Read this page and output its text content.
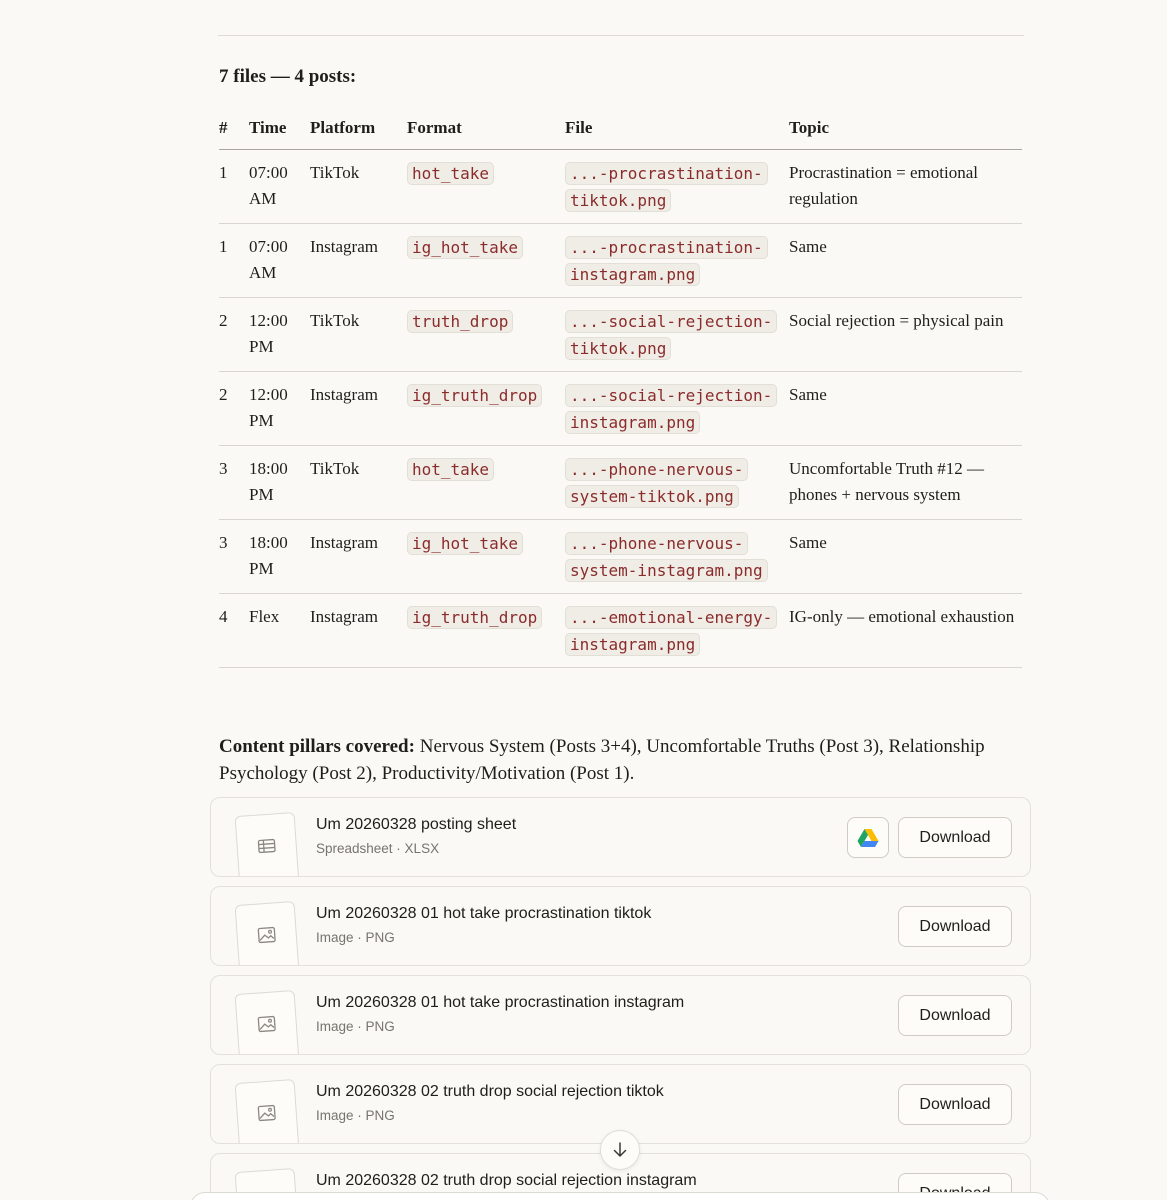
7 files — 4 posts:
#	Time	Platform	Format	File	Topic
1	07:00 AM	TikTok	hot_take	...-procrastination-tiktok.png	Procrastination = emotional regulation
1	07:00 AM	Instagram	ig_hot_take	...-procrastination-instagram.png	Same
2	12:00 PM	TikTok	truth_drop	...-social-rejection-tiktok.png	Social rejection = physical pain
2	12:00 PM	Instagram	ig_truth_drop	...-social-rejection-instagram.png	Same
3	18:00 PM	TikTok	hot_take	...-phone-nervous-system-tiktok.png	Uncomfortable Truth #12 — phones + nervous system
3	18:00 PM	Instagram	ig_hot_take	...-phone-nervous-system-instagram.png	Same
4	Flex	Instagram	ig_truth_drop	...-emotional-energy-instagram.png	IG-only — emotional exhaustion
Content pillars covered: Nervous System (Posts 3+4), Uncomfortable Truths (Post 3), Relationship Psychology (Post 2), Productivity/Motivation (Post 1).
Um 20260328 posting sheet
Spreadsheet · XLSX
Download
Um 20260328 01 hot take procrastination tiktok
Image · PNG
Download
Um 20260328 01 hot take procrastination instagram
Image · PNG
Download
Um 20260328 02 truth drop social rejection tiktok
Image · PNG
Download
Um 20260328 02 truth drop social rejection instagram
